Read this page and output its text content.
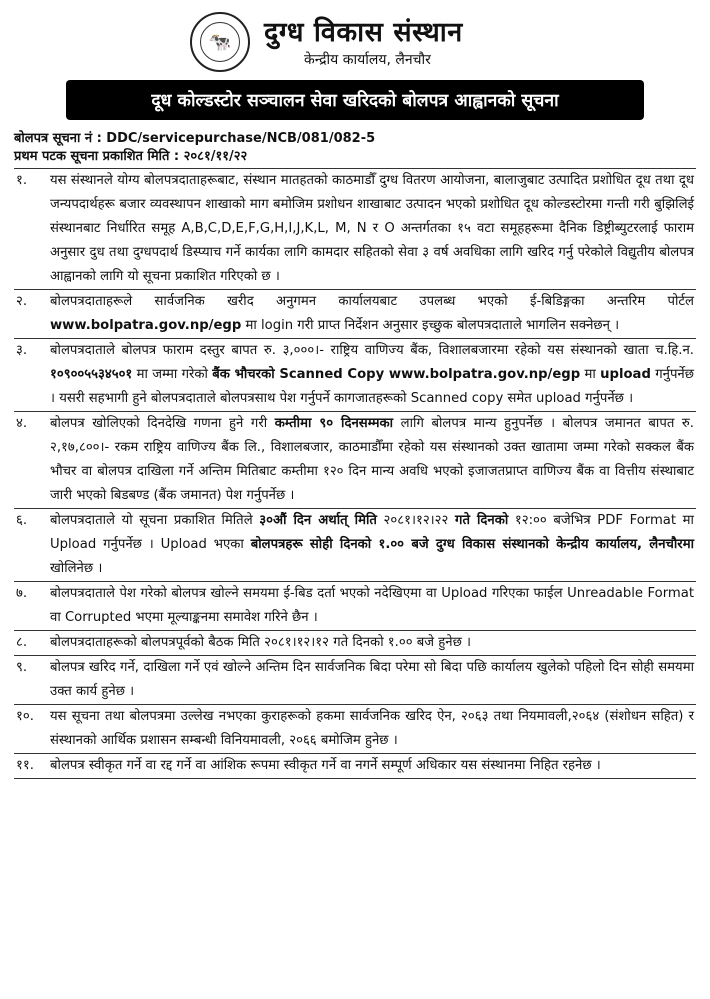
🐄	दुग्ध विकास संस्थान
केन्द्रीय कार्यालय, लैनचौर
दूध कोल्डस्टोर सञ्चालन सेवा खरिदको बोलपत्र आह्वानको सूचना
बोलपत्र सूचना नं : DDC/servicepurchase/NCB/081/082-5
प्रथम पटक सूचना प्रकाशित मिति : २०८१/११/२२
१.	यस संस्थानले योग्य बोलपत्रदाताहरूबाट, संस्थान मातहतको काठमाडौँ दुग्ध वितरण आयोजना, बालाजुबाट उत्पादित प्रशोधित दूध तथा दूध जन्यपदार्थहरू बजार व्यवस्थापन शाखाको माग बमोजिम प्रशोधन शाखाबाट उत्पादन भएको प्रशोधित दूध कोल्डस्टोरमा गन्ती गरी बुझिलिई संस्थानबाट निर्धारित समूह A,B,C,D,E,F,G,H,I,J,K,L, M, N र O अन्तर्गतका १५ वटा समूहहरूमा दैनिक डिष्ट्रीब्युटरलाई फाराम अनुसार दुध तथा दुग्धपदार्थ डिस्प्याच गर्ने कार्यका लागि कामदार सहितको सेवा ३ वर्ष अवधिका लागि खरिद गर्नु परेकोले विद्युतीय बोलपत्र आह्वानको लागि यो सूचना प्रकाशित गरिएको छ ।
२.	बोलपत्रदाताहरूले सार्वजनिक खरीद अनुगमन कार्यालयबाट उपलब्ध भएको ई-बिडिङ्गका अन्तरिम पोर्टल www.bolpatra.gov.np/egp मा login गरी प्राप्त निर्देशन अनुसार इच्छुक बोलपत्रदाताले भागलिन सक्नेछन् ।
३.	बोलपत्रदाताले बोलपत्र फाराम दस्तुर बापत रु. ३,०००।- राष्ट्रिय वाणिज्य बैंक, विशालबजारमा रहेको यस संस्थानको खाता च.हि.न. १०९००५५३४५०१ मा जम्मा गरेको बैंक भौचरको Scanned Copy www.bolpatra.gov.np/egp मा upload गर्नुपर्नेछ । यसरी सहभागी हुने बोलपत्रदाताले बोलपत्रसाथ पेश गर्नुपर्ने कागजातहरूको Scanned copy समेत upload गर्नुपर्नेछ ।
४.	बोलपत्र खोलिएको दिनदेखि गणना हुने गरी कम्तीमा ९० दिनसम्मका लागि बोलपत्र मान्य हुनुपर्नेछ । बोलपत्र जमानत बापत रु. २,१७,८००।- रकम राष्ट्रिय वाणिज्य बैंक लि., विशालबजार, काठमाडौँमा रहेको यस संस्थानको उक्त खातामा जम्मा गरेको सक्कल बैंक भौचर वा बोलपत्र दाखिला गर्ने अन्तिम मितिबाट कम्तीमा १२० दिन मान्य अवधि भएको इजाजतप्राप्त वाणिज्य बैंक वा वित्तीय संस्थाबाट जारी भएको बिडबण्ड (बैंक जमानत) पेश गर्नुपर्नेछ ।
६.	बोलपत्रदाताले यो सूचना प्रकाशित मितिले ३०औं दिन अर्थात् मिति २०८१।१२।२२ गते दिनको १२:०० बजेभित्र PDF Format मा Upload गर्नुपर्नेछ । Upload भएका बोलपत्रहरू सोही दिनको १.०० बजे दुग्ध विकास संस्थानको केन्द्रीय कार्यालय, लैनचौरमा खोलिनेछ ।
७.	बोलपत्रदाताले पेश गरेको बोलपत्र खोल्ने समयमा ई-बिड दर्ता भएको नदेखिएमा वा Upload गरिएका फाईल Unreadable Format वा Corrupted भएमा मूल्याङ्कनमा समावेश गरिने छैन ।
८.	बोलपत्रदाताहरूको बोलपत्रपूर्वको बैठक मिति २०८१।१२।१२ गते दिनको १.०० बजे हुनेछ ।
९.	बोलपत्र खरिद गर्ने, दाखिला गर्ने एवं खोल्ने अन्तिम दिन सार्वजनिक बिदा परेमा सो बिदा पछि कार्यालय खुलेको पहिलो दिन सोही समयमा उक्त कार्य हुनेछ ।
१०.	यस सूचना तथा बोलपत्रमा उल्लेख नभएका कुराहरूको हकमा सार्वजनिक खरिद ऐन, २०६३ तथा नियमावली,२०६४ (संशोधन सहित) र संस्थानको आर्थिक प्रशासन सम्बन्धी विनियमावली, २०६६ बमोजिम हुनेछ ।
११.	बोलपत्र स्वीकृत गर्ने वा रद्द गर्ने वा आंशिक रूपमा स्वीकृत गर्ने वा नगर्ने सम्पूर्ण अधिकार यस संस्थानमा निहित रहनेछ ।
